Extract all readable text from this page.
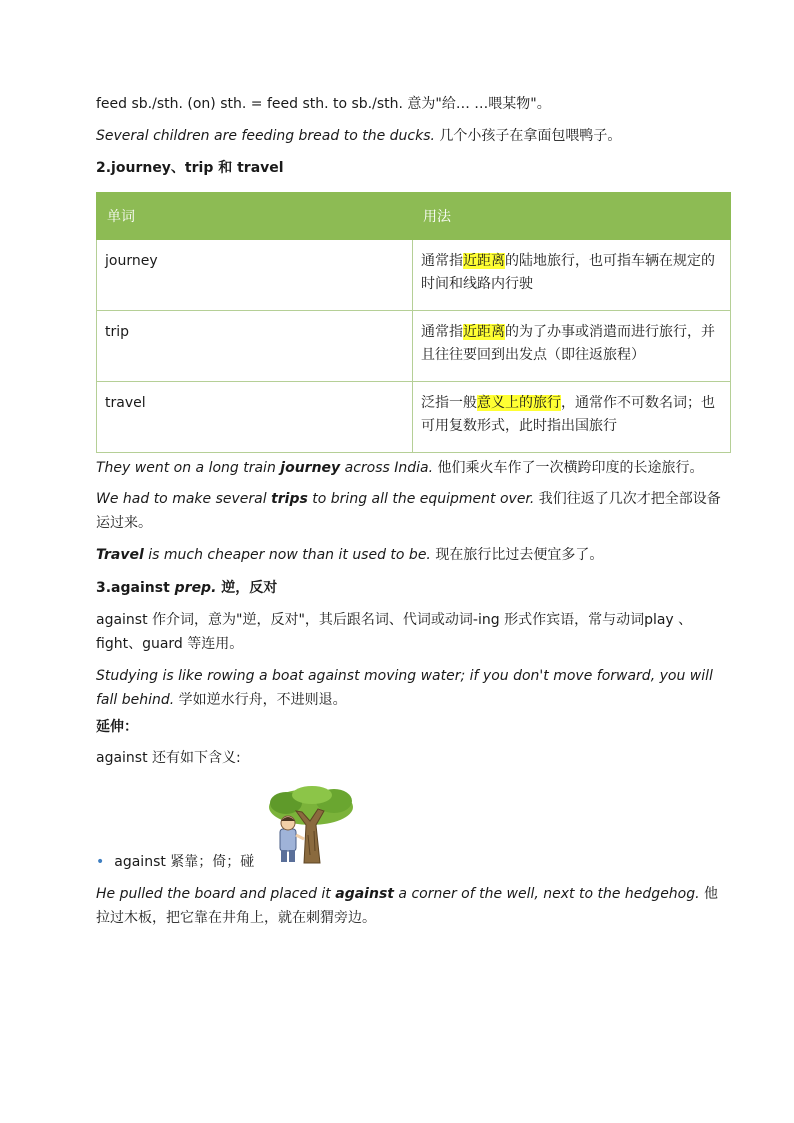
feed sb./sth. (on) sth. = feed sth. to sb./sth. 意为"给… …喂某物"。

Several children are feeding bread to the ducks. 几个小孩子在拿面包喂鸭子。

2.journey、trip 和 travel

单词	用法
journey	通常指近距离的陆地旅行，也可指车辆在规定的时间和线路内行驶
trip	通常指近距离的为了办事或消遣而进行旅行，并且往往要回到出发点（即往返旅程）
travel	泛指一般意义上的旅行，通常作不可数名词；也可用复数形式，此时指出国旅行

They went on a long train journey across India. 他们乘火车作了一次横跨印度的长途旅行。

We had to make several trips to bring all the equipment over. 我们往返了几次才把全部设备运过来。

Travel is much cheaper now than it used to be. 现在旅行比过去便宜多了。

3.against prep. 逆，反对

against 作介词，意为"逆，反对"，其后跟名词、代词或动词-ing 形式作宾语，常与动词play 、fight、guard 等连用。

Studying is like rowing a boat against moving water; if you don't move forward, you will fall behind. 学如逆水行舟，不进则退。

延伸：

against 还有如下含义:

• against 紧靠；倚；碰

He pulled the board and placed it against a corner of the well, next to the hedgehog. 他拉过木板，把它靠在井角上，就在刺猬旁边。
